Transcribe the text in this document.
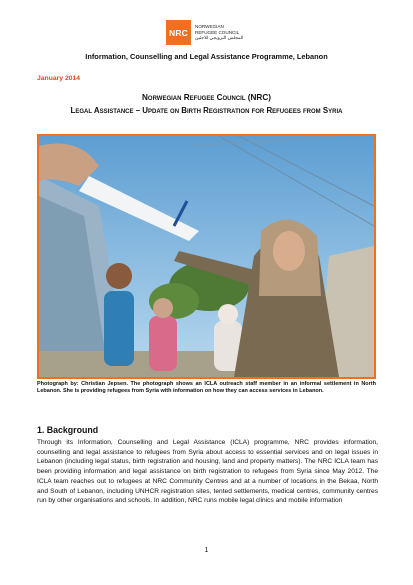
NRC
NORWEGIAN
REFUGEE COUNCIL
المجلس النرويجي للاجئين
Information, Counselling and Legal Assistance Programme, Lebanon
January 2014
Norwegian Refugee Council (NRC)
Legal Assistance – Update on Birth Registration for Refugees from Syria
Photograph by: Christian Jepsen. The photograph shows an ICLA outreach staff member in an informal settlement in North Lebanon. She is providing refugees from Syria with information on how they can access services in Lebanon.
1. Background

Through its Information, Counselling and Legal Assistance (ICLA) programme, NRC provides information, counselling and legal assistance to refugees from Syria about access to essential services and on legal issues in Lebanon (including legal status, birth registration and housing, land and property matters). The NRC ICLA team has been providing information and legal assistance on birth registration to refugees from Syria since May 2012. The ICLA team reaches out to refugees at NRC Community Centres and at a number of locations in the Bekaa, North and South of Lebanon, including UNHCR registration sites, tented settlements, medical centres, community centres run by other organisations and schools. In addition, NRC runs mobile legal clinics and mobile information

1
